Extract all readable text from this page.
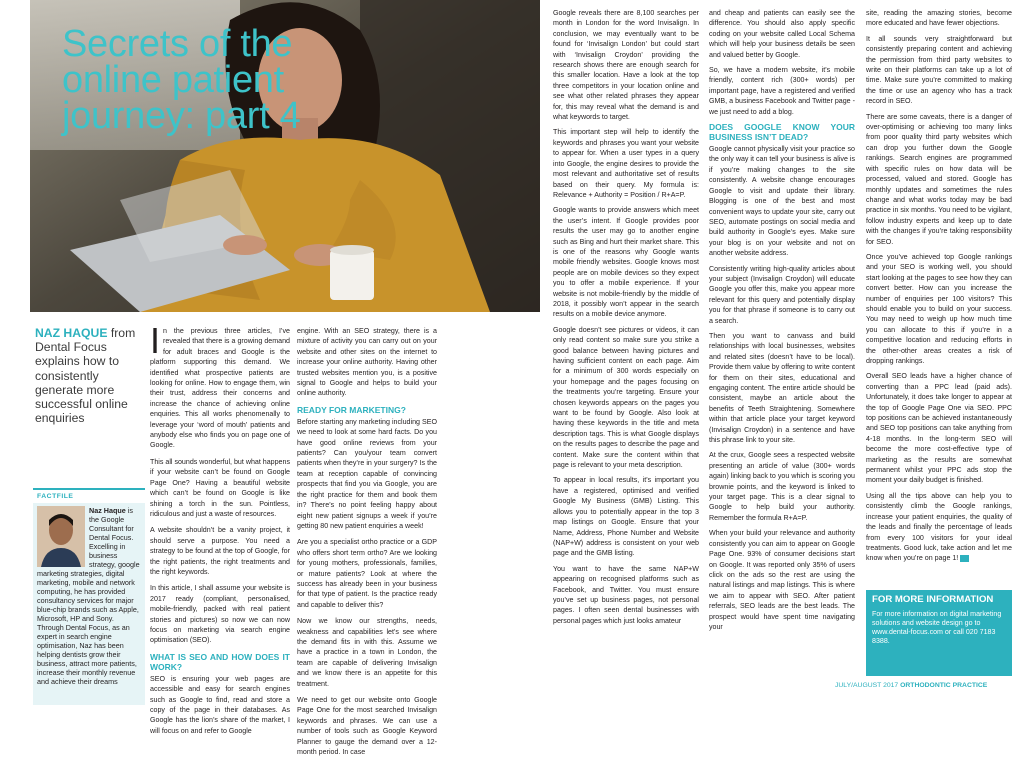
Secrets of the online patient journey: part 4
NAZ HAQUE from Dental Focus explains how to consistently generate more successful online enquiries
FACTFILE
Naz Haque is the Google Consultant for Dental Focus. Excelling in business strategy, google
marketing strategies, digital marketing, mobile and network computing, he has provided consultancy services for major blue-chip brands such as Apple, Microsoft, HP and Sony. Through Dental Focus, as an expert in search engine optimisation, Naz has been helping dentists grow their business, attract more patients, increase their monthly revenue and achieve their dreams

In the previous three articles, I’ve revealed that there is a growing demand for adult braces and Google is the platform supporting this demand. We identified what prospective patients are looking for online. How to engage them, win their trust, address their concerns and increase the chance of achieving online enquiries. This all works phenomenally to leverage your ‘word of mouth’ patients and anybody else who finds you on page one of Google.

This all sounds wonderful, but what happens if your website can’t be found on Google Page One? Having a beautiful website which can’t be found on Google is like shining a torch in the sun. Pointless, ridiculous and just a waste of resources.

A website shouldn’t be a vanity project, it should serve a purpose. You need a strategy to be found at the top of Google, for the right patients, the right treatments and the right keywords.

In this article, I shall assume your website is 2017 ready (compliant, personalised, mobile-friendly, packed with real patient stories and pictures) so now we can now focus on marketing via search engine optimisation (SEO).

WHAT IS SEO AND HOW DOES IT WORK?

SEO is ensuring your web pages are accessible and easy for search engines such as Google to find, read and store a copy of the page in their databases. As Google has the lion’s share of the market, I will focus on and refer to Google

engine. With an SEO strategy, there is a mixture of activity you can carry out on your website and other sites on the internet to increase your online authority. Having other trusted websites mention you, is a positive signal to Google and helps to build your online authority.

READY FOR MARKETING?

Before starting any marketing including SEO we need to look at some hard facts. Do you have good online reviews from your patients? Can you/your team convert patients when they’re in your surgery? Is the team at reception capable of convincing prospects that find you via Google, you are the right practice for them and book them in? There’s no point feeling happy about eight new patient signups a week if you’re getting 80 new patient enquiries a week!

Are you a specialist ortho practice or a GDP who offers short term ortho? Are we looking for young mothers, professionals, families, or mature patients? Look at where the success has already been in your business for that type of patient. Is the practice ready and capable to deliver this?

Now we know our strengths, needs, weakness and capabilities let’s see where the demand fits in with this. Assume we have a practice in a town in London, the team are capable of delivering Invisalign and we know there is an appetite for this treatment.

We need to get our website onto Google Page One for the most searched Invisalign keywords and phrases. We can use a number of tools such as Google Keyword Planner to gauge the demand over a 12-month period. In case

Google reveals there are 8,100 searches per month in London for the word Invisalign. In conclusion, we may eventually want to be found for ‘Invisalign London’ but could start with ‘Invisalign Croydon’ providing the research shows there are enough search for this smaller location. Have a look at the top three competitors in your location online and see what other related phrases they appear for, this may reveal what the demand is and what keywords to target.

This important step will help to identify the keywords and phrases you want your website to appear for. When a user types in a query into Google, the engine desires to provide the most relevant and authoritative set of results based on their query. My formula is: Relevance + Authority = Position / R+A=P.

Google wants to provide answers which meet the user’s intent. If Google provides poor results the user may go to another engine such as Bing and hurt their market share. This is one of the reasons why Google wants mobile friendly websites. Google knows most people are on mobile devices so they expect you to offer a mobile experience. If your website is not mobile-friendly by the middle of 2018, it possibly won’t appear in the search results on a mobile device anymore.

Google doesn’t see pictures or videos, it can only read content so make sure you strike a good balance between having pictures and having sufficient content on each page. Aim for a minimum of 300 words especially on your homepage and the pages focusing on the treatments you’re targeting. Ensure your chosen keywords appears on the pages you want to be found by Google. Also look at having these keywords in the title and meta description tags. This is what Google displays on the results pages to describe the page and content. Make sure the content within that page is relevant to your meta description.

To appear in local results, it’s important you have a registered, optimised and verified Google My Business (GMB) Listing. This allows you to potentially appear in the top 3 map listings on Google. Ensure that your Name, Address, Phone Number and Website (NAP+W) address is consistent on your web page and the GMB listing.

You want to have the same NAP+W appearing on recognised platforms such as Facebook, and Twitter. You must ensure you’ve set up business pages, not personal pages. I often seen dental businesses with personal pages which just looks amateur

and cheap and patients can easily see the difference. You should also apply specific coding on your website called Local Schema which will help your business details be seen and valued better by Google.

So, we have a modern website, it’s mobile friendly, content rich (300+ words) per important page, have a registered and verified GMB, a business Facebook and Twitter page - we just need to add a blog.

DOES GOOGLE KNOW YOUR BUSINESS ISN’T DEAD?

Google cannot physically visit your practice so the only way it can tell your business is alive is if you’re making changes to the site consistently. A website change encourages Google to visit and update their library. Blogging is one of the best and most convenient ways to update your site, carry out SEO, automate postings on social media and build authority in Google’s eyes. Make sure your blog is on your website and not on another website address.

Consistently writing high-quality articles about your subject (Invisalign Croydon) will educate Google you offer this, make you appear more relevant for this query and potentially display you for that phrase if someone is to carry out a search.

Then you want to canvass and build relationships with local businesses, websites and related sites (doesn’t have to be local). Provide them value by offering to write content for them on their sites, educational and engaging content. The entire article should be consistent, maybe an article about the benefits of Teeth Straightening. Somewhere within that article place your target keyword (Invisalign Croydon) in a sentence and have this phrase link to your site.

At the crux, Google sees a respected website presenting an article of value (300+ words again) linking back to you which is scoring you brownie points, and the keyword is linked to your target page. This is a clear signal to Google to help build your authority. Remember the formula R+A=P.

When your build your relevance and authority consistently you can aim to appear on Google Page One. 93% of consumer decisions start on Google. It was reported only 35% of users click on the ads so the rest are using the natural listings and map listings. This is where we aim to appear with SEO. After patient referrals, SEO leads are the best leads. The prospect would have spent time navigating your

site, reading the amazing stories, become more educated and have fewer objections.

It all sounds very straightforward but consistently preparing content and achieving the permission from third party websites to write on their platforms can take up a lot of time. Make sure you’re committed to making the time or use an agency who has a track record in SEO.

There are some caveats, there is a danger of over-optimising or achieving too many links from poor quality third party websites which can drop you further down the Google rankings. Search engines are programmed with specific rules on how data will be processed, valued and stored. Google has monthly updates and sometimes the rules change and what works today may be bad practice in six months. You need to be vigilant, follow industry experts and keep up to date with the changes if you’re taking responsibility for SEO.

Once you’ve achieved top Google rankings and your SEO is working well, you should start looking at the pages to see how they can convert better. How can you increase the number of enquiries per 100 visitors? This should enable you to build on your success. You may need to weigh up how much time you can allocate to this if you’re in a competitive location and reducing efforts in the other-other areas creates a risk of dropping rankings.

Overall SEO leads have a higher chance of converting than a PPC lead (paid ads). Unfortunately, it does take longer to appear at the top of Google Page One via SEO. PPC top positions can be achieved instantaneously and SEO top positions can take anything from 4-18 months. In the long-term SEO will become the more cost-effective type of marketing as the results are somewhat permanent whilst your PPC ads stop the moment your daily budget is finished.

Using all the tips above can help you to consistently climb the Google rankings, increase your patient enquiries, the quality of the leads and finally the percentage of leads from every 100 visitors for your ideal treatments. Good luck, take action and let me know when you’re on page 1!

FOR MORE INFORMATION

For more information on digital marketing solutions and website design go to www.dental-focus.com or call 020 7183 8388.

JULY/AUGUST 2017 ORTHODONTIC PRACTICE
